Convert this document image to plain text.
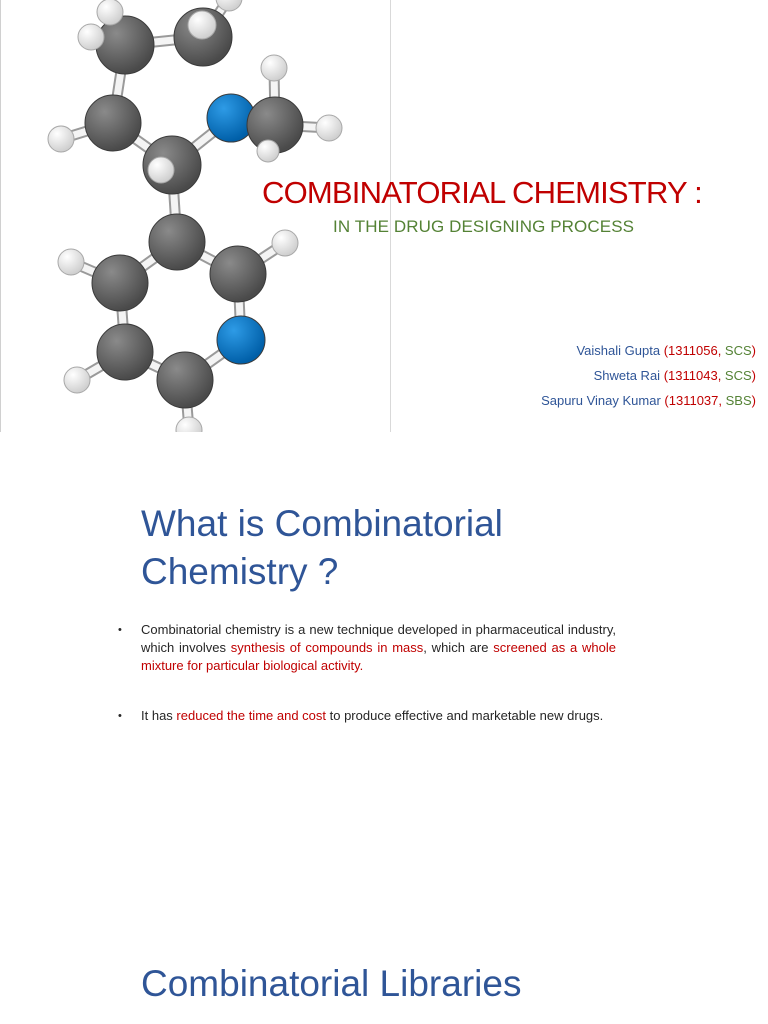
COMBINATORIAL CHEMISTRY :
IN THE DRUG DESIGNING PROCESS
Vaishali Gupta (1311056, SCS)
Shweta Rai (1311043, SCS)
Sapuru Vinay Kumar (1311037, SBS)
What is Combinatorial Chemistry ?
• Combinatorial chemistry is a new technique developed in pharmaceutical industry, which involves synthesis of compounds in mass, which are screened as a whole mixture for particular biological activity.
• It has reduced the time and cost to produce effective and marketable new drugs.
Combinatorial Libraries
